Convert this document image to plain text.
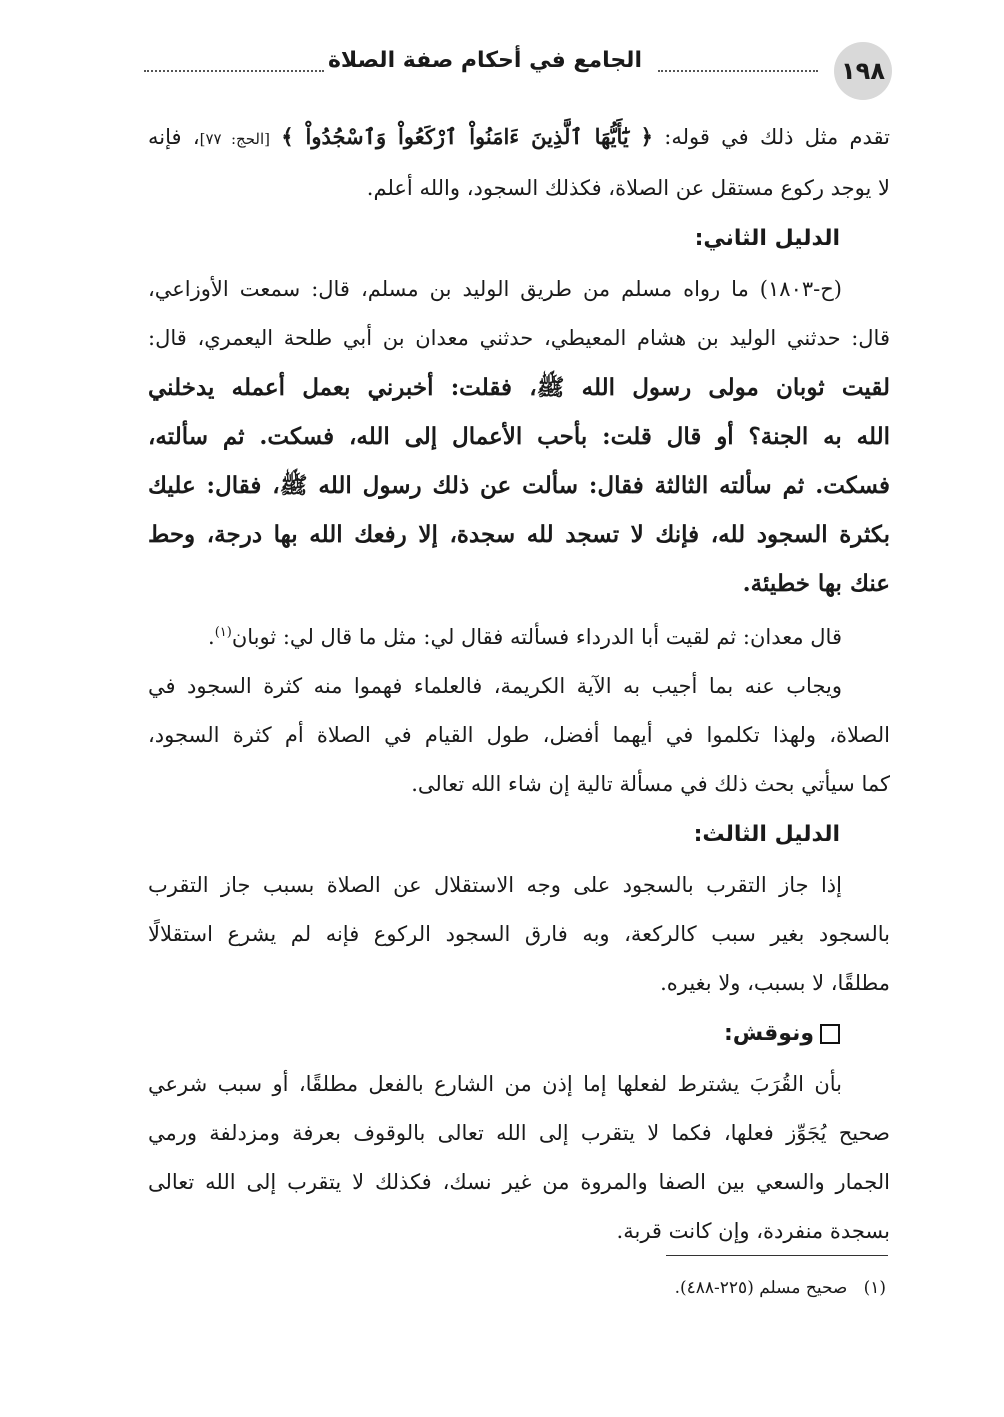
١٩٨
الجامع في أحكام صفة الصلاة

تقدم مثل ذلك في قوله: ﴿ يَٰٓأَيُّهَا ٱلَّذِينَ ءَامَنُواْ ٱرْكَعُواْ وَٱسْجُدُواْ ﴾ [الحج: ٧٧]، فإنه

لا يوجد ركوع مستقل عن الصلاة، فكذلك السجود، والله أعلم.

الدليل الثاني:

(ح-١٨٠٣) ما رواه مسلم من طريق الوليد بن مسلم، قال: سمعت الأوزاعي،

قال: حدثني الوليد بن هشام المعيطي، حدثني معدان بن أبي طلحة اليعمري، قال:

لقيت ثوبان مولى رسول الله ﷺ، فقلت: أخبرني بعمل أعمله يدخلني

الله به الجنة؟ أو قال قلت: بأحب الأعمال إلى الله، فسكت. ثم سألته،

فسكت. ثم سألته الثالثة فقال: سألت عن ذلك رسول الله ﷺ، فقال: عليك

بكثرة السجود لله، فإنك لا تسجد لله سجدة، إلا رفعك الله بها درجة، وحط

عنك بها خطيئة.

قال معدان: ثم لقيت أبا الدرداء فسألته فقال لي: مثل ما قال لي: ثوبان$^{(١)}$.

ويجاب عنه بما أجيب به الآية الكريمة، فالعلماء فهموا منه كثرة السجود في

الصلاة، ولهذا تكلموا في أيهما أفضل، طول القيام في الصلاة أم كثرة السجود،

كما سيأتي بحث ذلك في مسألة تالية إن شاء الله تعالى.

الدليل الثالث:

إذا جاز التقرب بالسجود على وجه الاستقلال عن الصلاة بسبب جاز التقرب

بالسجود بغير سبب كالركعة، وبه فارق السجود الركوع فإنه لم يشرع استقلالًا

مطلقًا، لا بسبب، ولا بغيره.

ونوقش:

بأن القُرَبَ يشترط لفعلها إما إذن من الشارع بالفعل مطلقًا، أو سبب شرعي

صحيح يُجَوِّز فعلها، فكما لا يتقرب إلى الله تعالى بالوقوف بعرفة ومزدلفة ورمي

الجمار والسعي بين الصفا والمروة من غير نسك، فكذلك لا يتقرب إلى الله تعالى

بسجدة منفردة، وإن كانت قربة.

(١)   صحيح مسلم (٢٢٥-٤٨٨).
